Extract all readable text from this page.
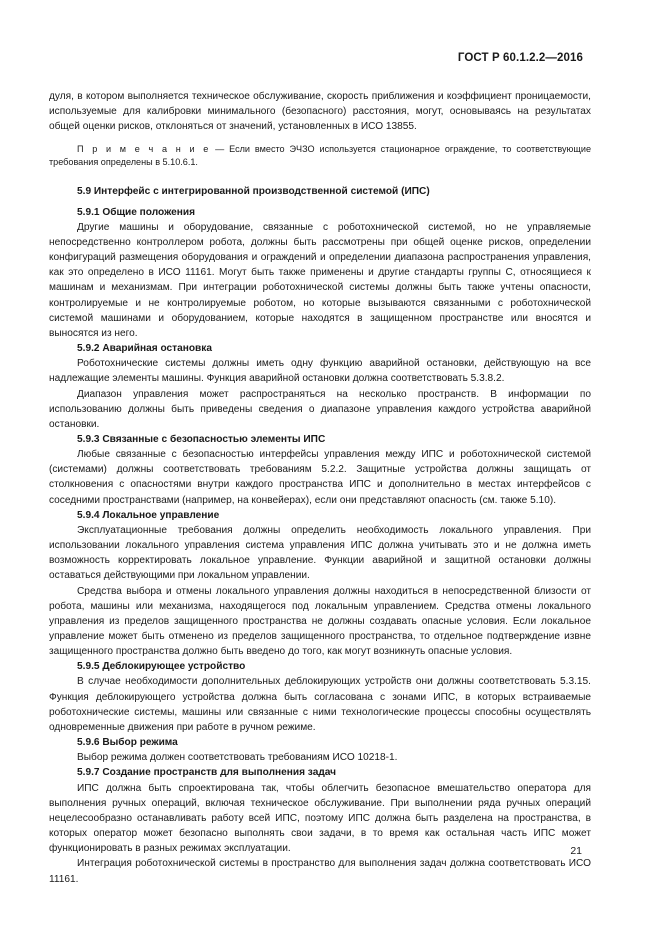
ГОСТ Р 60.1.2.2—2016

дуля, в котором выполняется техническое обслуживание, скорость приближения и коэффициент проницаемости, используемые для калибровки минимального (безопасного) расстояния, могут, основываясь на результатах общей оценки рисков, отклоняться от значений, установленных в ИСО 13855.

П р и м е ч а н и е — Если вместо ЭЧЗО используется стационарное ограждение, то соответствующие требования определены в 5.10.6.1.

5.9 Интерфейс с интегрированной производственной системой (ИПС)

5.9.1 Общие положения

Другие машины и оборудование, связанные с роботохнической системой, но не управляемые непосредственно контроллером робота, должны быть рассмотрены при общей оценке рисков, определении конфигураций размещения оборудования и ограждений и определении диапазона распространения управления, как это определено в ИСО 11161. Могут быть также применены и другие стандарты группы С, относящиеся к машинам и механизмам. При интеграции роботохнической системы должны быть также учтены опасности, контролируемые и не контролируемые роботом, но которые вызываются связанными с роботохнической системой машинами и оборудованием, которые находятся в защищенном пространстве или вносятся и выносятся из него.

5.9.2 Аварийная остановка

Роботохнические системы должны иметь одну функцию аварийной остановки, действующую на все надлежащие элементы машины. Функция аварийной остановки должна соответствовать 5.3.8.2.

Диапазон управления может распространяться на несколько пространств. В информации по использованию должны быть приведены сведения о диапазоне управления каждого устройства аварийной остановки.

5.9.3 Связанные с безопасностью элементы ИПС

Любые связанные с безопасностью интерфейсы управления между ИПС и роботохнической системой (системами) должны соответствовать требованиям 5.2.2. Защитные устройства должны защищать от столкновения с опасностями внутри каждого пространства ИПС и дополнительно в местах интерфейсов с соседними пространствами (например, на конвейерах), если они представляют опасность (см. также 5.10).

5.9.4 Локальное управление

Эксплуатационные требования должны определить необходимость локального управления. При использовании локального управления система управления ИПС должна учитывать это и не должна иметь возможность корректировать локальное управление. Функции аварийной и защитной остановки должны оставаться действующими при локальном управлении.

Средства выбора и отмены локального управления должны находиться в непосредственной близости от робота, машины или механизма, находящегося под локальным управлением. Средства отмены локального управления из пределов защищенного пространства не должны создавать опасные условия. Если локальное управление может быть отменено из пределов защищенного пространства, то отдельное подтверждение извне защищенного пространства должно быть введено до того, как могут возникнуть опасные условия.

5.9.5 Деблокирующее устройство

В случае необходимости дополнительных деблокирующих устройств они должны соответствовать 5.3.15. Функция деблокирующего устройства должна быть согласована с зонами ИПС, в которых встраиваемые роботохнические системы, машины или связанные с ними технологические процессы способны осуществлять одновременные движения при работе в ручном режиме.

5.9.6 Выбор режима

Выбор режима должен соответствовать требованиям ИСО 10218-1.

5.9.7 Создание пространств для выполнения задач

ИПС должна быть спроектирована так, чтобы облегчить безопасное вмешательство оператора для выполнения ручных операций, включая техническое обслуживание. При выполнении ряда ручных операций нецелесообразно останавливать работу всей ИПС, поэтому ИПС должна быть разделена на пространства, в которых оператор может безопасно выполнять свои задачи, в то время как остальная часть ИПС может функционировать в разных режимах эксплуатации.

Интеграция роботохнической системы в пространство для выполнения задач должна соответствовать ИСО 11161.

21
